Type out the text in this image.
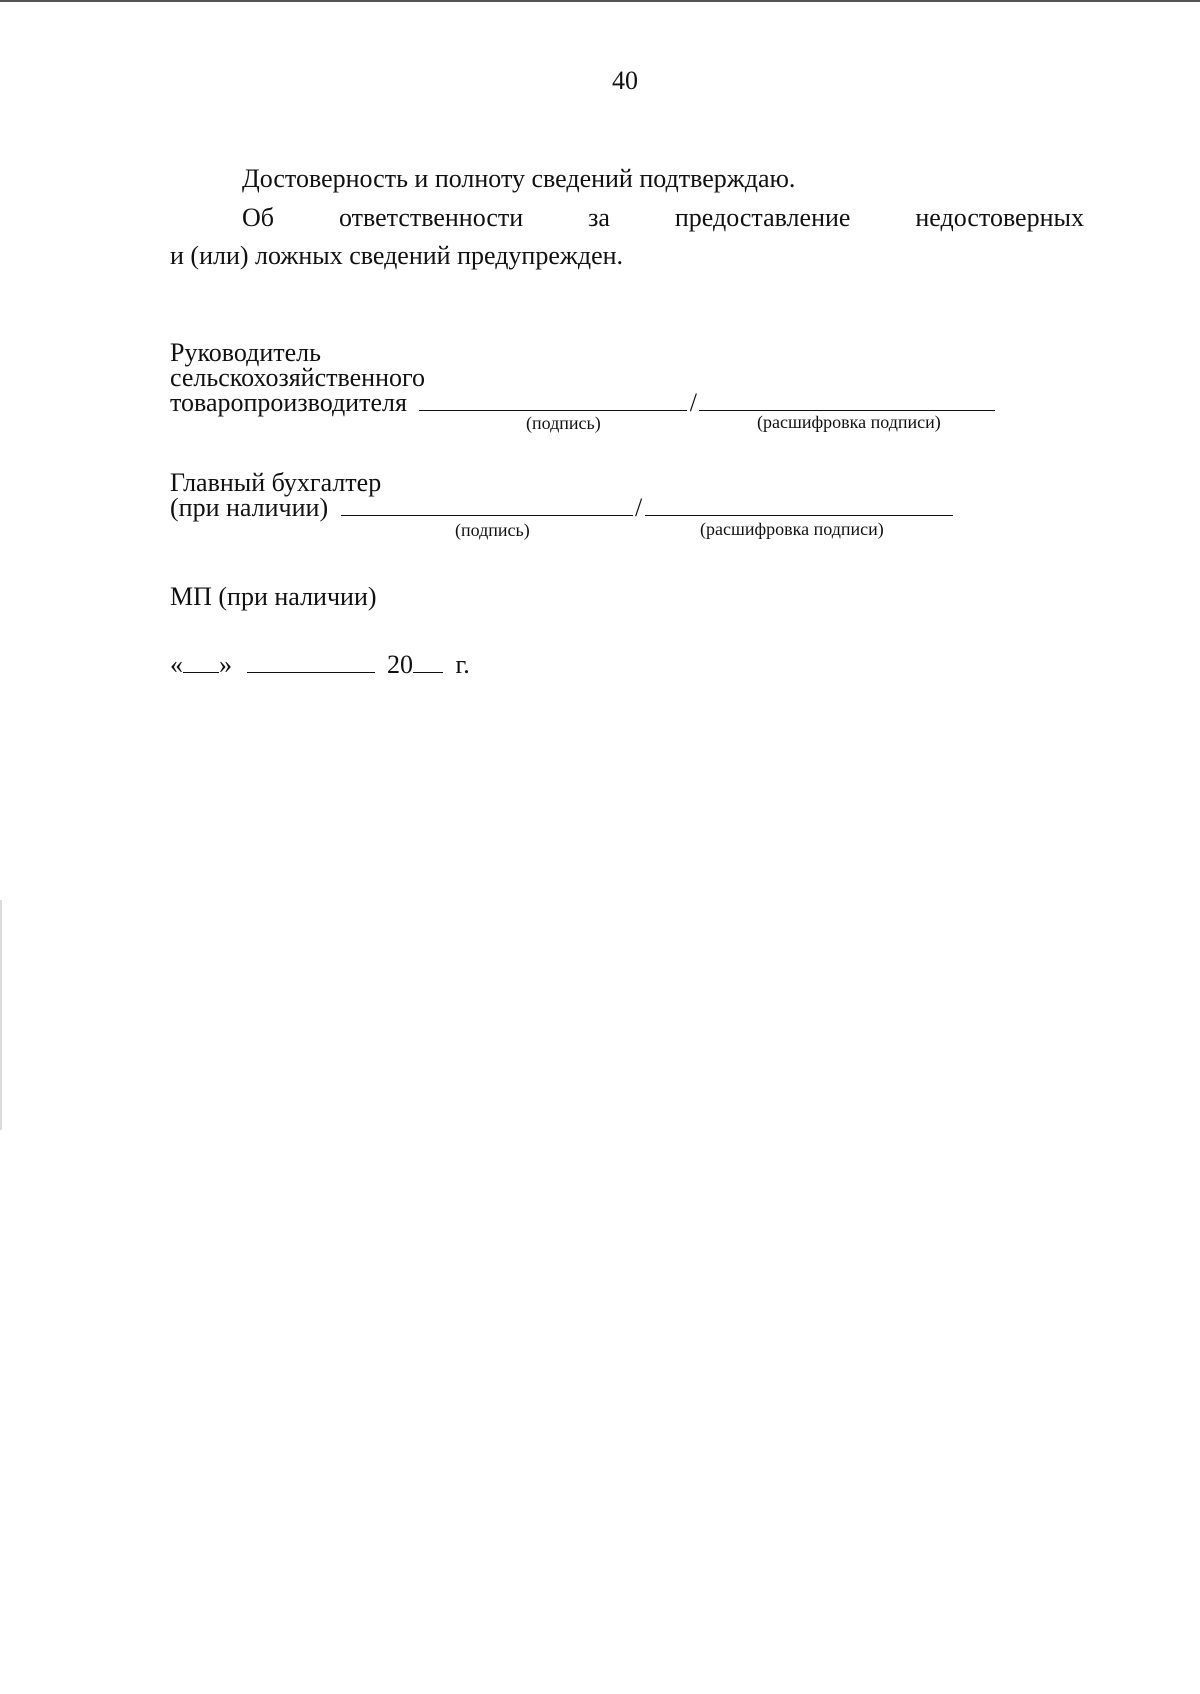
40
Достоверность и полноту сведений подтверждаю.
Об ответственности за предоставление недостоверных
и (или) ложных сведений предупрежден.
Руководитель
сельскохозяйственного
товаропроизводителя	/
(подпись)	(расшифровка подписи)
Главный бухгалтер
(при наличии)	/
(подпись)	(расшифровка подписи)
МП (при наличии)
« »	20 г.
